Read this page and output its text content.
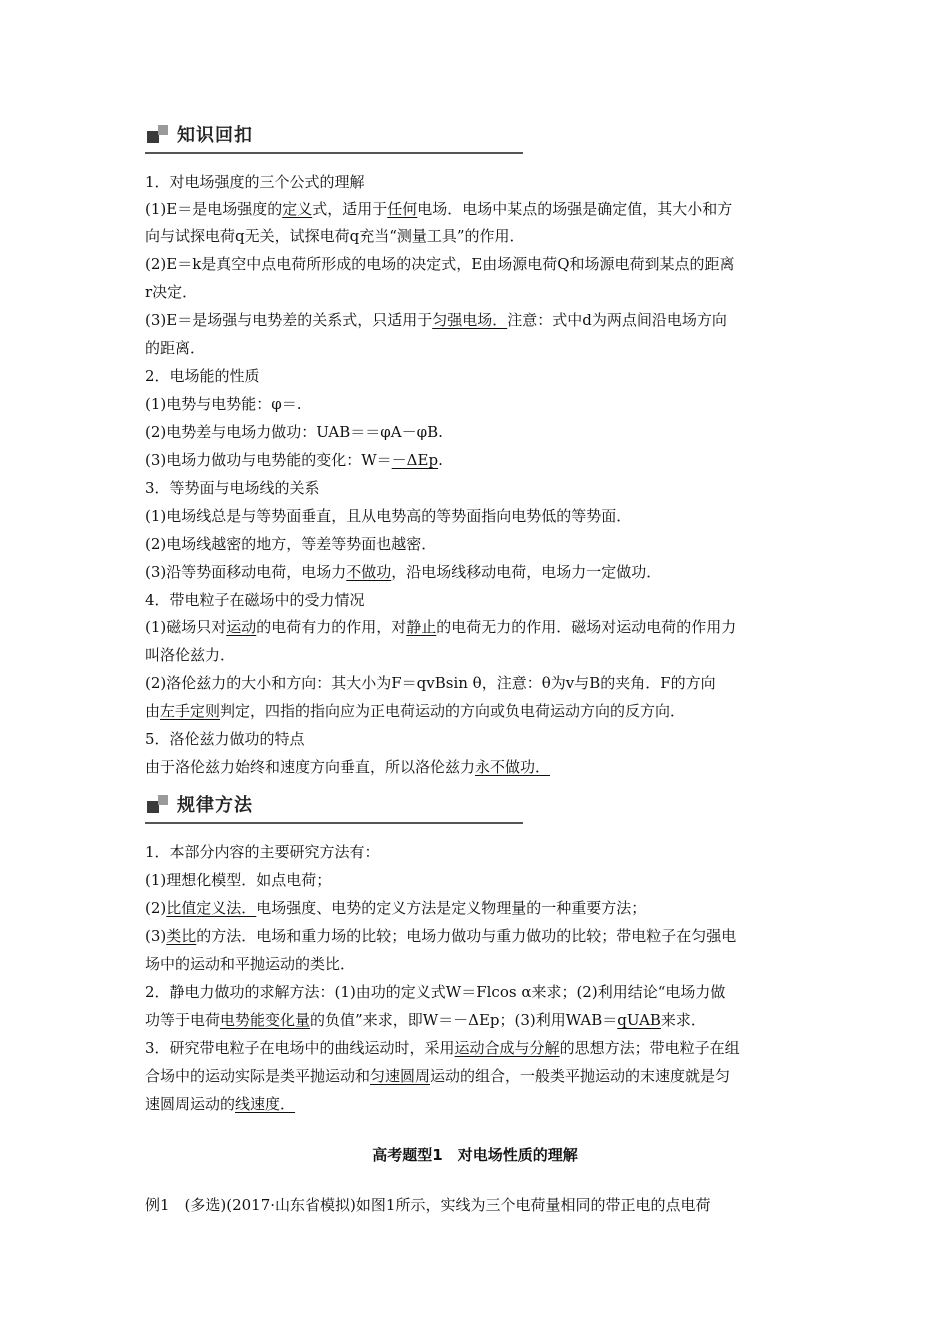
知识回扣
1．对电场强度的三个公式的理解
(1)E＝是电场强度的定义式，适用于任何电场．电场中某点的场强是确定值，其大小和方
向与试探电荷q无关，试探电荷q充当“测量工具”的作用．
(2)E＝k是真空中点电荷所形成的电场的决定式，E由场源电荷Q和场源电荷到某点的距离
r决定．
(3)E＝是场强与电势差的关系式，只适用于匀强电场．注意：式中d为两点间沿电场方向
的距离．
2．电场能的性质
(1)电势与电势能：φ＝.
(2)电势差与电场力做功：UAB＝＝φA－φB.
(3)电场力做功与电势能的变化：W＝－ΔEp.
3．等势面与电场线的关系
(1)电场线总是与等势面垂直，且从电势高的等势面指向电势低的等势面．
(2)电场线越密的地方，等差等势面也越密．
(3)沿等势面移动电荷，电场力不做功，沿电场线移动电荷，电场力一定做功．
4．带电粒子在磁场中的受力情况
(1)磁场只对运动的电荷有力的作用，对静止的电荷无力的作用．磁场对运动电荷的作用力
叫洛伦兹力．
(2)洛伦兹力的大小和方向：其大小为F＝qvBsin θ，注意：θ为v与B的夹角．F的方向
由左手定则判定，四指的指向应为正电荷运动的方向或负电荷运动方向的反方向．
5．洛伦兹力做功的特点
由于洛伦兹力始终和速度方向垂直，所以洛伦兹力永不做功．
规律方法
1．本部分内容的主要研究方法有：
(1)理想化模型．如点电荷；
(2)比值定义法．电场强度、电势的定义方法是定义物理量的一种重要方法；
(3)类比的方法．电场和重力场的比较；电场力做功与重力做功的比较；带电粒子在匀强电
场中的运动和平抛运动的类比．
2．静电力做功的求解方法：(1)由功的定义式W＝Flcos α来求；(2)利用结论“电场力做
功等于电荷电势能变化量的负值”来求，即W＝－ΔEp；(3)利用WAB＝qUAB来求．
3．研究带电粒子在电场中的曲线运动时，采用运动合成与分解的思想方法；带电粒子在组
合场中的运动实际是类平抛运动和匀速圆周运动的组合，一般类平抛运动的末速度就是匀
速圆周运动的线速度．
高考题型1　对电场性质的理解
例1　(多选)(2017·山东省模拟)如图1所示，实线为三个电荷量相同的带正电的点电荷
